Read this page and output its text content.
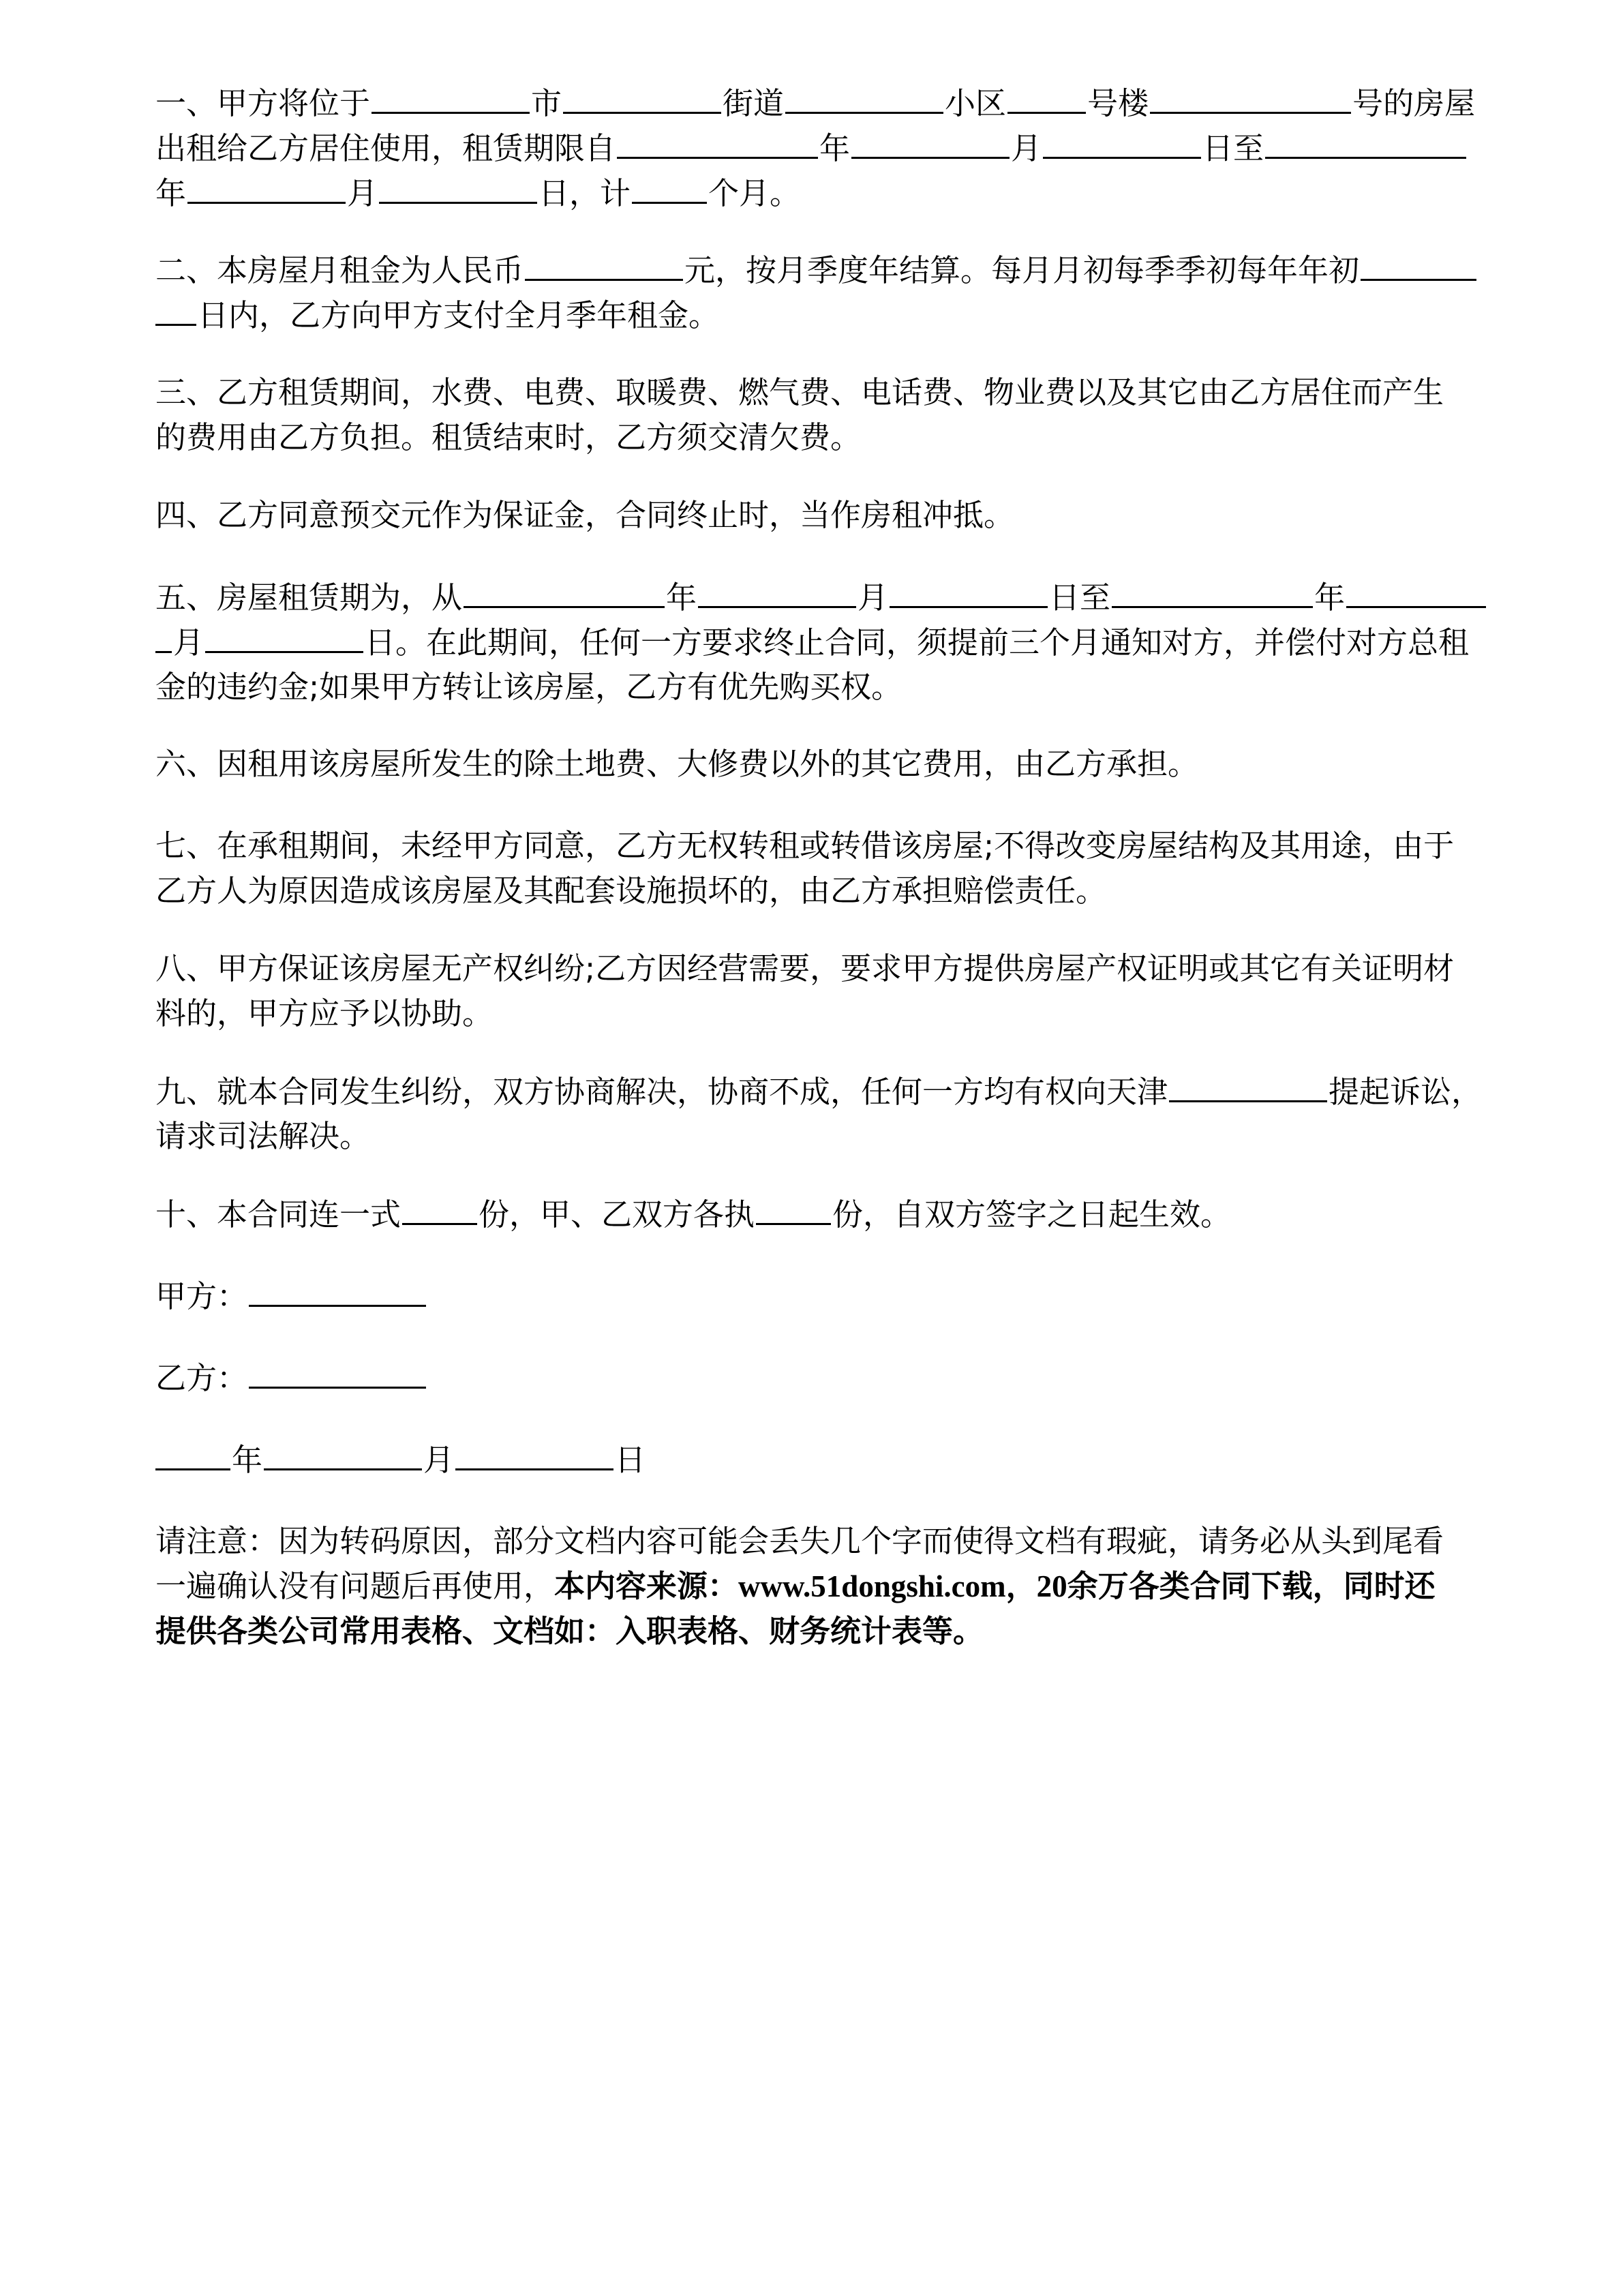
一、甲方将位于	市	街道	小区	号楼	号的房屋
出租给乙方居住使用，租赁期限自	年	月	日至
年	月	日，计	个月。
二、本房屋月租金为人民币	元，按月季度年结算。每月月初每季季初每年年初
日内，乙方向甲方支付全月季年租金。
三、乙方租赁期间，水费、电费、取暖费、燃气费、电话费、物业费以及其它由乙方居住而产生
的费用由乙方负担。租赁结束时，乙方须交清欠费。
四、乙方同意预交元作为保证金，合同终止时，当作房租冲抵。
五、房屋租赁期为，从	年	月	日至	年
月	日。在此期间，任何一方要求终止合同，须提前三个月通知对方，并偿付对方总租
金的违约金;如果甲方转让该房屋，乙方有优先购买权。
六、因租用该房屋所发生的除土地费、大修费以外的其它费用，由乙方承担。
七、在承租期间，未经甲方同意，乙方无权转租或转借该房屋;不得改变房屋结构及其用途，由于
乙方人为原因造成该房屋及其配套设施损坏的，由乙方承担赔偿责任。
八、甲方保证该房屋无产权纠纷;乙方因经营需要，要求甲方提供房屋产权证明或其它有关证明材
料的，甲方应予以协助。
九、就本合同发生纠纷，双方协商解决，协商不成，任何一方均有权向天津	提起诉讼，
请求司法解决。
十、本合同连一式	份，甲、乙双方各执	份，自双方签字之日起生效。
甲方：
乙方：
年	月	日
请注意：因为转码原因，部分文档内容可能会丢失几个字而使得文档有瑕疵，请务必从头到尾看
一遍确认没有问题后再使用，本内容来源：www.51dongshi.com，20余万各类合同下载，同时还
提供各类公司常用表格、文档如：入职表格、财务统计表等。
